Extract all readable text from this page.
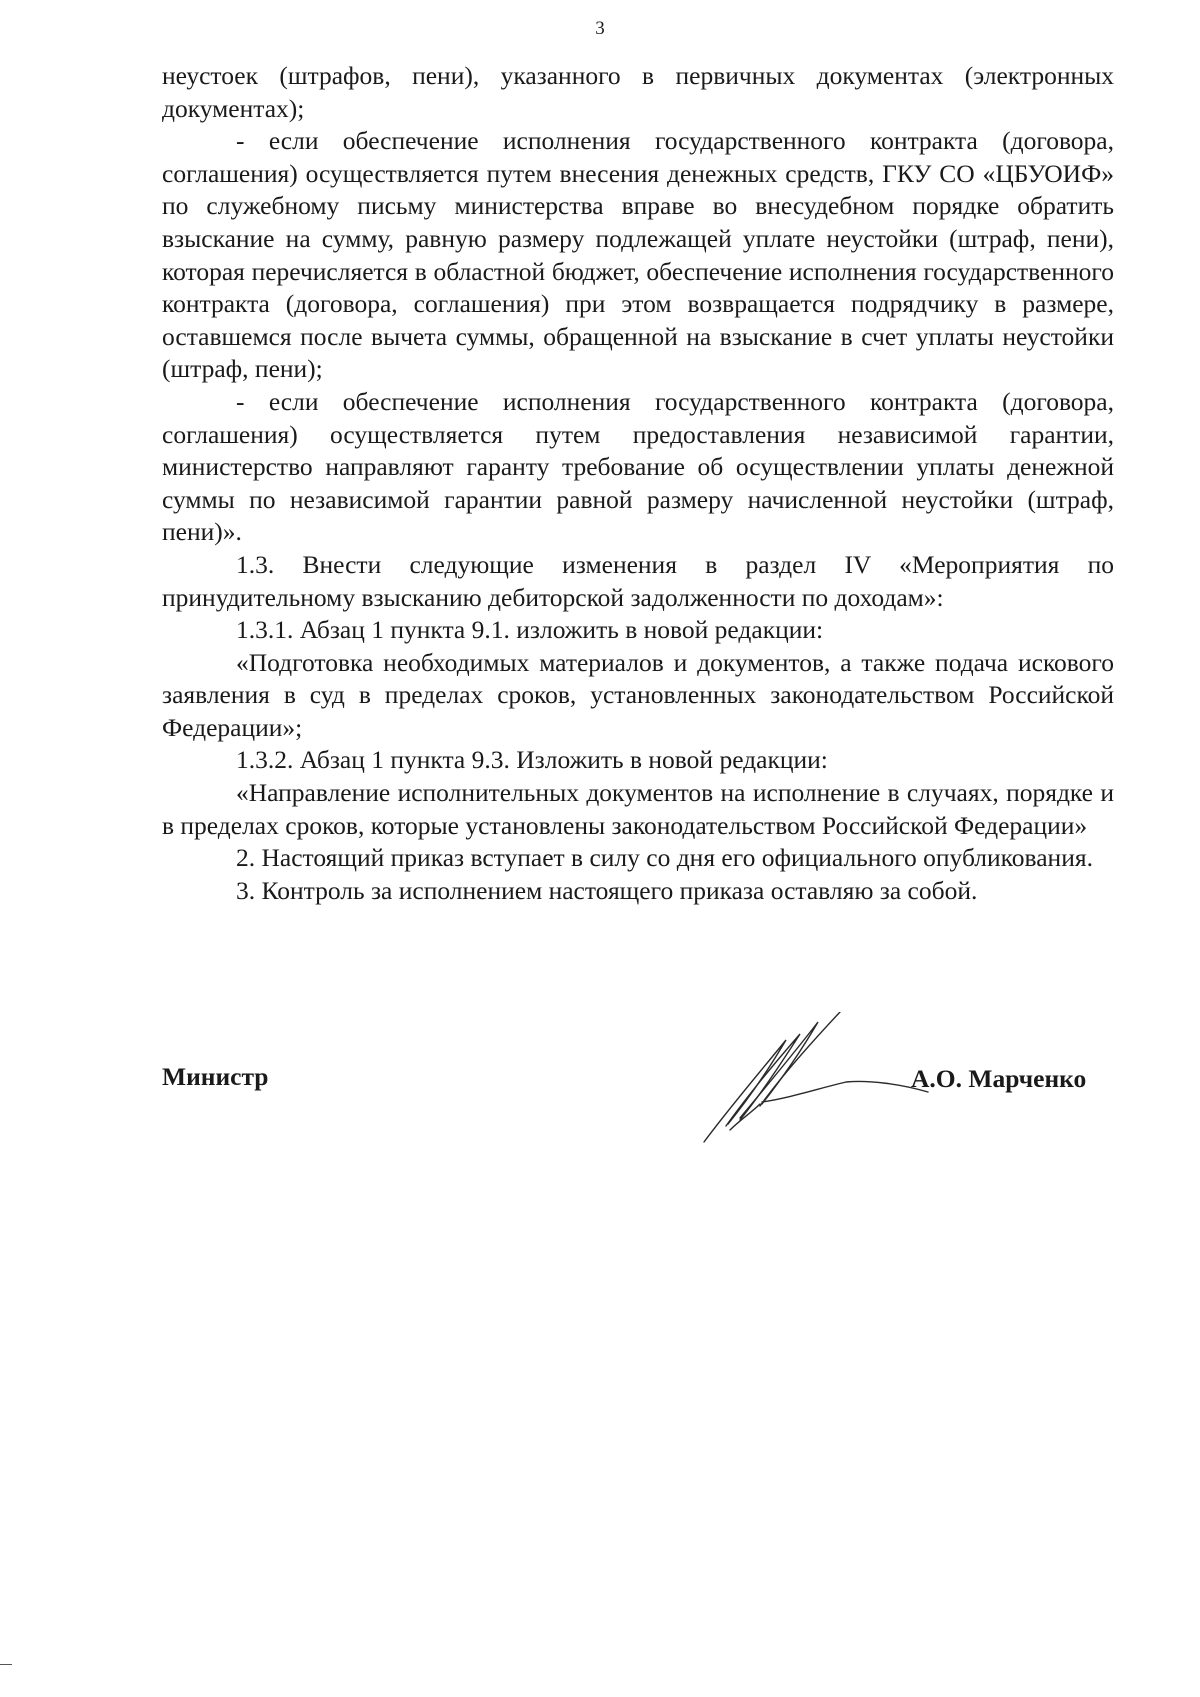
3

неустоек (штрафов, пени), указанного в первичных документах (электронных документах);

- если обеспечение исполнения государственного контракта (договора, соглашения) осуществляется путем внесения денежных средств, ГКУ СО «ЦБУОИФ» по служебному письму министерства вправе во внесудебном порядке обратить взыскание на сумму, равную размеру подлежащей уплате неустойки (штраф, пени), которая перечисляется в областной бюджет, обеспечение исполнения государственного контракта (договора, соглашения) при этом возвращается подрядчику в размере, оставшемся после вычета суммы, обращенной на взыскание в счет уплаты неустойки (штраф, пени);

- если обеспечение исполнения государственного контракта (договора, соглашения) осуществляется путем предоставления независимой гарантии, министерство направляют гаранту требование об осуществлении уплаты денежной суммы по независимой гарантии равной размеру начисленной неустойки (штраф, пени)».

1.3. Внести следующие изменения в раздел IV «Мероприятия по принудительному взысканию дебиторской задолженности по доходам»:

1.3.1. Абзац 1 пункта 9.1. изложить в новой редакции:

«Подготовка необходимых материалов и документов, а также подача искового заявления в суд в пределах сроков, установленных законодательством Российской Федерации»;

1.3.2. Абзац 1 пункта 9.3. Изложить в новой редакции:

«Направление исполнительных документов на исполнение в случаях, порядке и в пределах сроков, которые установлены законодательством Российской Федерации»

2. Настоящий приказ вступает в силу со дня его официального опубликования.

3. Контроль за исполнением настоящего приказа оставляю за собой.

Министр	А.О. Марченко
